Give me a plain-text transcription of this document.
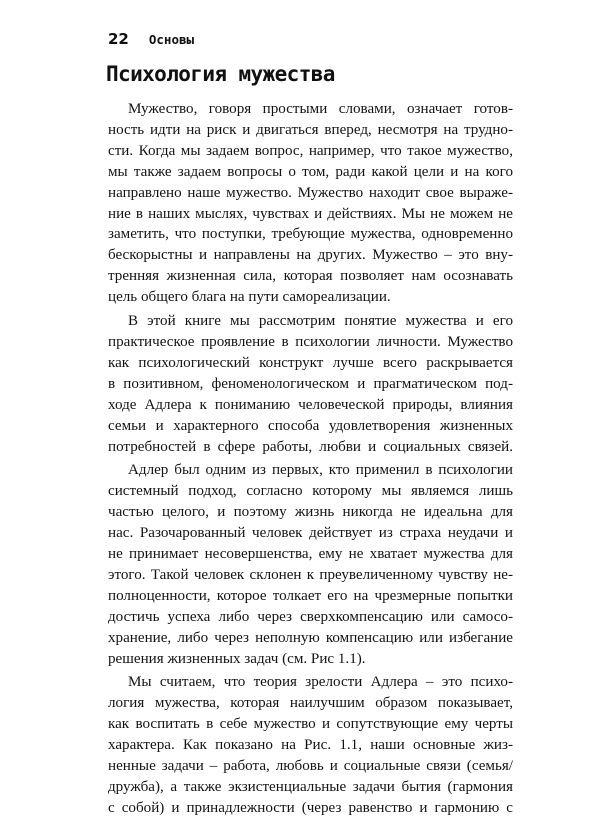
22 Основы
Психология мужества

Мужество, говоря простыми словами, означает готов-
ность идти на риск и двигаться вперед, несмотря на трудно-
сти. Когда мы задаем вопрос, например, что такое мужество,
мы также задаем вопросы о том, ради какой цели и на кого
направлено наше мужество. Мужество находит свое выраже-
ние в наших мыслях, чувствах и действиях. Мы не можем не
заметить, что поступки, требующие мужества, одновременно
бескорыстны и направлены на других. Мужество – это вну-
тренняя жизненная сила, которая позволяет нам осознавать
цель общего блага на пути самореализации.

В этой книге мы рассмотрим понятие мужества и его
практическое проявление в психологии личности. Мужество
как психологический конструкт лучше всего раскрывается
в позитивном, феноменологическом и прагматическом под-
ходе Адлера к пониманию человеческой природы, влияния
семьи и характерного способа удовлетворения жизненных
потребностей в сфере работы, любви и социальных связей.

Адлер был одним из первых, кто применил в психологии
системный подход, согласно которому мы являемся лишь
частью целого, и поэтому жизнь никогда не идеальна для
нас. Разочарованный человек действует из страха неудачи и
не принимает несовершенства, ему не хватает мужества для
этого. Такой человек склонен к преувеличенному чувству не-
полноценности, которое толкает его на чрезмерные попытки
достичь успеха либо через сверхкомпенсацию или самосо-
хранение, либо через неполную компенсацию или избегание
решения жизненных задач (см. Рис 1.1).

Мы считаем, что теория зрелости Адлера – это психо-
логия мужества, которая наилучшим образом показывает,
как воспитать в себе мужество и сопутствующие ему черты
характера. Как показано на Рис. 1.1, наши основные жиз-
ненные задачи – работа, любовь и социальные связи (семья/
дружба), а также экзистенциальные задачи бытия (гармония
с собой) и принадлежности (через равенство и гармонию с
